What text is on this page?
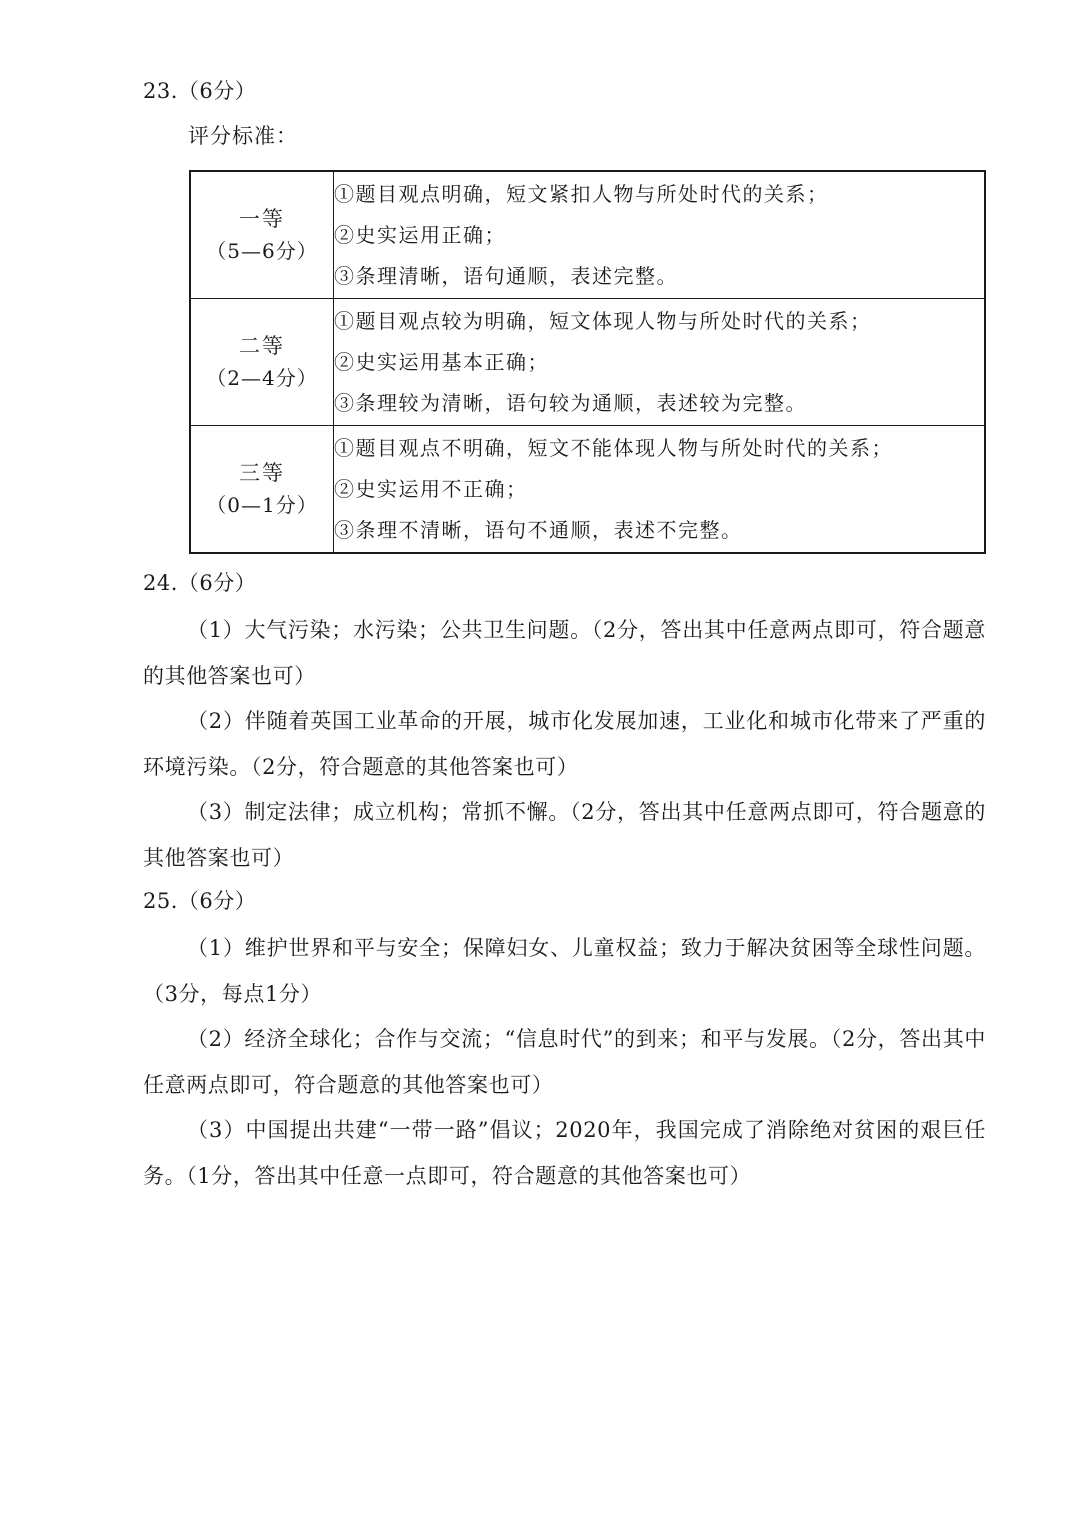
23.（6分）
评分标准：
一等
（5—6分）	①题目观点明确，短文紧扣人物与所处时代的关系；
②史实运用正确；
③条理清晰，语句通顺，表述完整。

二等
（2—4分）	①题目观点较为明确，短文体现人物与所处时代的关系；
②史实运用基本正确；
③条理较为清晰，语句较为通顺，表述较为完整。

三等
（0—1分）	①题目观点不明确，短文不能体现人物与所处时代的关系；
②史实运用不正确；
③条理不清晰，语句不通顺，表述不完整。
24.（6分）
（1）大气污染；水污染；公共卫生问题。（2分，答出其中任意两点即可，符合题意的其他答案也可）
（2）伴随着英国工业革命的开展，城市化发展加速，工业化和城市化带来了严重的环境污染。（2分，符合题意的其他答案也可）
（3）制定法律；成立机构；常抓不懈。（2分，答出其中任意两点即可，符合题意的其他答案也可）
25.（6分）
（1）维护世界和平与安全；保障妇女、儿童权益；致力于解决贫困等全球性问题。（3分，每点1分）
（2）经济全球化；合作与交流；“信息时代”的到来；和平与发展。（2分，答出其中任意两点即可，符合题意的其他答案也可）
（3）中国提出共建“一带一路”倡议；2020年，我国完成了消除绝对贫困的艰巨任务。（1分，答出其中任意一点即可，符合题意的其他答案也可）
